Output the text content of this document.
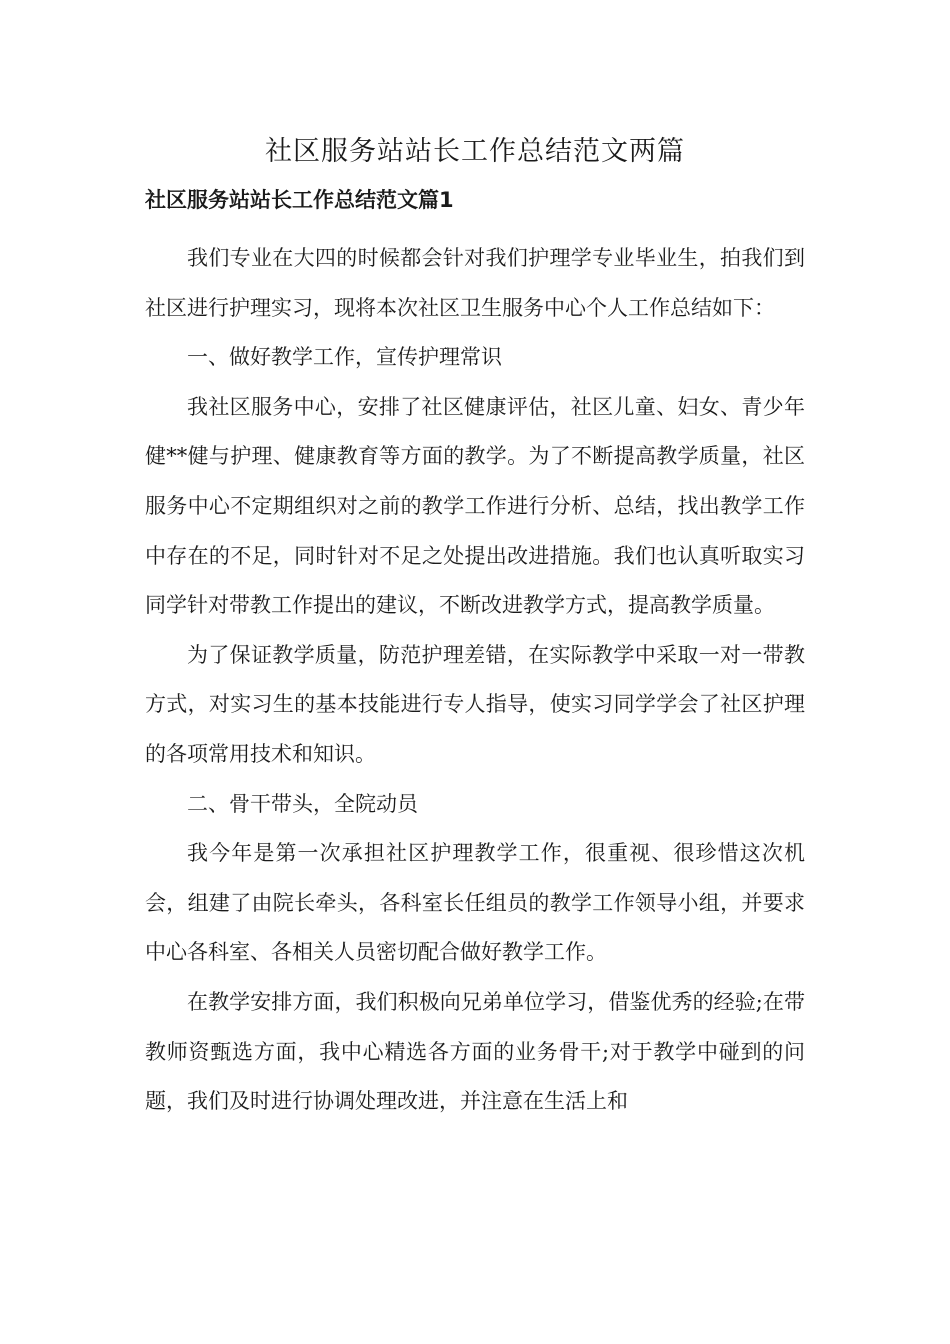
社区服务站站长工作总结范文两篇
社区服务站站长工作总结范文篇1

我们专业在大四的时候都会针对我们护理学专业毕业生，拍我们到社区进行护理实习，现将本次社区卫生服务中心个人工作总结如下：

一、做好教学工作，宣传护理常识

我社区服务中心，安排了社区健康评估，社区儿童、妇女、青少年健**健与护理、健康教育等方面的教学。为了不断提高教学质量，社区服务中心不定期组织对之前的教学工作进行分析、总结，找出教学工作中存在的不足，同时针对不足之处提出改进措施。我们也认真听取实习同学针对带教工作提出的建议，不断改进教学方式，提高教学质量。

为了保证教学质量，防范护理差错，在实际教学中采取一对一带教方式，对实习生的基本技能进行专人指导，使实习同学学会了社区护理的各项常用技术和知识。

二、骨干带头，全院动员

我今年是第一次承担社区护理教学工作，很重视、很珍惜这次机会，组建了由院长牵头，各科室长任组员的教学工作领导小组，并要求中心各科室、各相关人员密切配合做好教学工作。

在教学安排方面，我们积极向兄弟单位学习，借鉴优秀的经验;在带教师资甄选方面，我中心精选各方面的业务骨干;对于教学中碰到的问题，我们及时进行协调处理改进，并注意在生活上和
